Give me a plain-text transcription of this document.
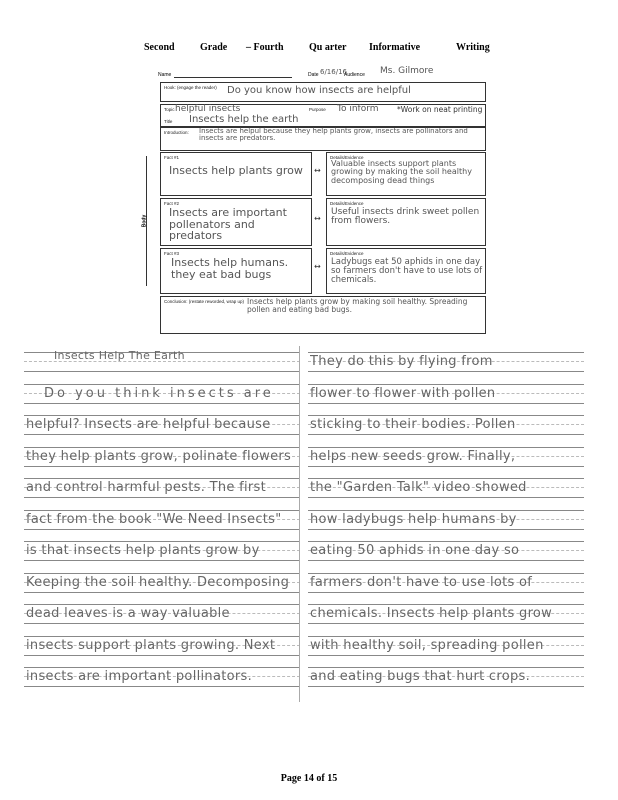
Second	Grade – Fourth	Qu arter Informative	Writing
Name	Date 6/16/16
Audience Ms. Gilmore
Hook: (engage the reader) Do you know how insects are helpful
Topic helpful insects	Purpose To inform *Work on neat printing
Title Insects help the earth
Introduction: Insects are helpul because they help plants grow, insects are pollinators and insects are predators.
Body
Fact #1
Insects help plants grow	↔
Details/Evidence
Valuable insects support plants growing by making the soil healthy decomposing dead things
Fact #2
Insects are important pollenators and predators
↔
Details/Evidence
Useful insects drink sweet pollen from flowers.
Fact #3
Insects help humans. they eat bad bugs
↔
Details/Evidence
Ladybugs eat 50 aphids in one day so farmers don't have to use lots of chemicals.
Conclusion: (restate reworded, wrap up) Insects help plants grow by making soil healthy. Spreading pollen and eating bad bugs.
Insects Help The Earth
Do you think insects are
helpful? Insects are helpful because
they help plants grow, polinate flowers
and control harmful pests. The first
fact from the book "We Need Insects"
is that insects help plants grow by
Keeping the soil healthy. Decomposing
dead leaves is a way valuable
insects support plants growing. Next
insects are important pollinators.
They do this by flying from
flower to flower with pollen
sticking to their bodies. Pollen
helps new seeds grow. Finally,
the "Garden Talk" video showed
how ladybugs help humans by
eating 50 aphids in one day so
farmers don't have to use lots of
chemicals. Insects help plants grow
with healthy soil, spreading pollen
and eating bugs that hurt crops.
Page 14 of 15
